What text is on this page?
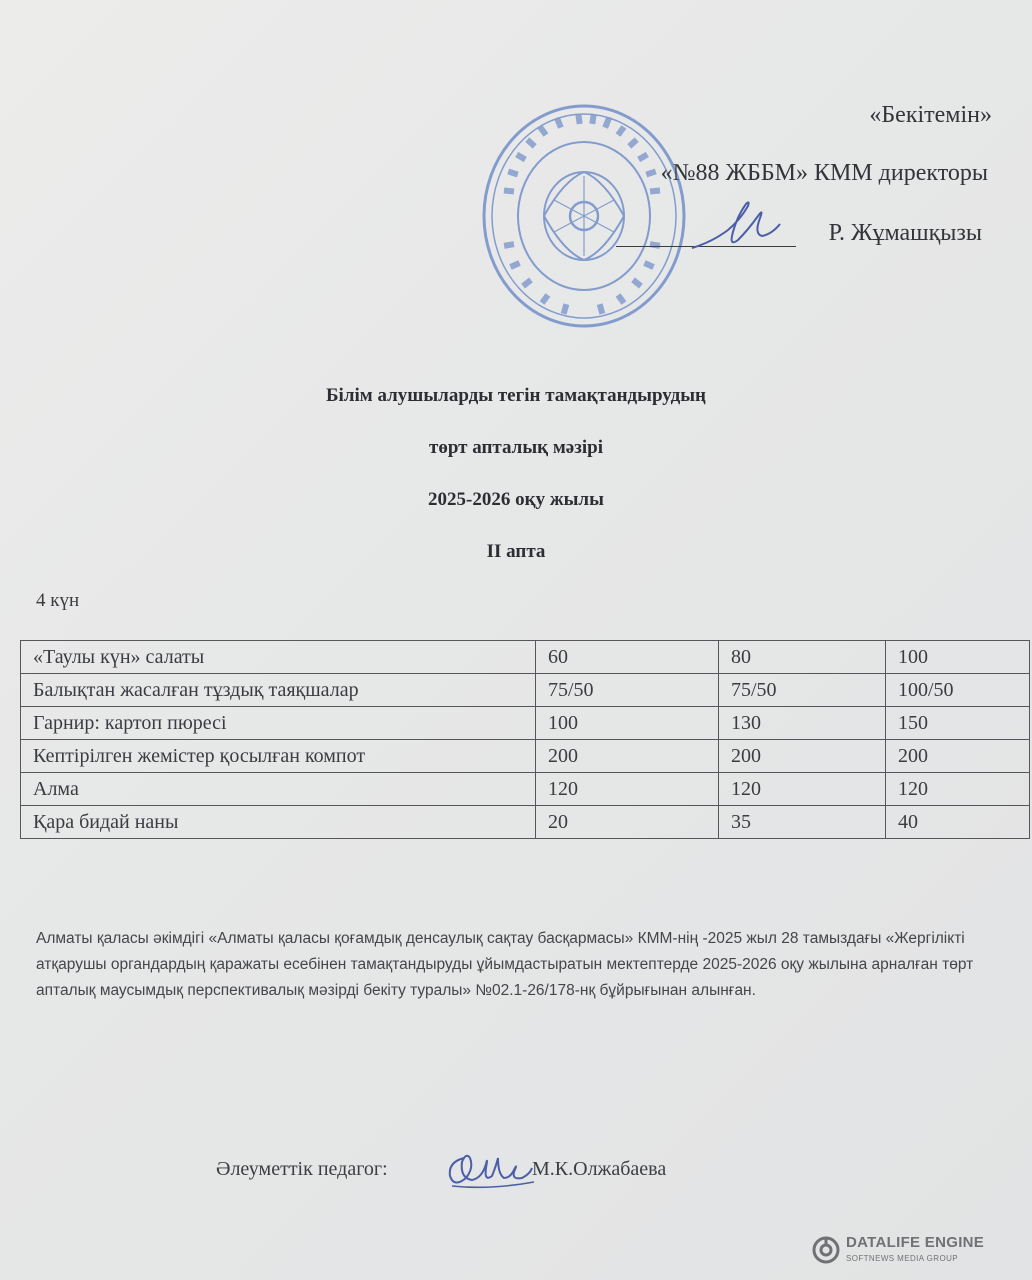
«Бекітемін»
«№88 ЖББМ» КММ директоры
Р. Жұмашқызы
Білім алушыларды тегін тамақтандырудың
төрт апталық мәзірі
2025-2026 оқу жылы
II апта
4 күн
«Таулы күн» салаты	60	80	100
Балықтан жасалған тұздық таяқшалар	75/50	75/50	100/50
Гарнир: картоп пюресі	100	130	150
Кептірілген жемістер қосылған компот	200	200	200
Алма	120	120	120
Қара бидай наны	20	35	40
Алматы қаласы әкімдігі «Алматы қаласы қоғамдық денсаулық сақтау басқармасы» КММ-нің -2025 жыл 28 тамыздағы «Жергілікті атқарушы органдардың қаражаты есебінен тамақтандыруды ұйымдастыратын мектептерде 2025-2026 оқу жылына арналған төрт апталық маусымдық перспективалық мәзірді бекіту туралы» №02.1-26/178-нқ бұйрығынан алынған.
Әлеуметтік педагог:	М.К.Олжабаева
DATALIFE ENGINE
SOFTNEWS MEDIA GROUP
